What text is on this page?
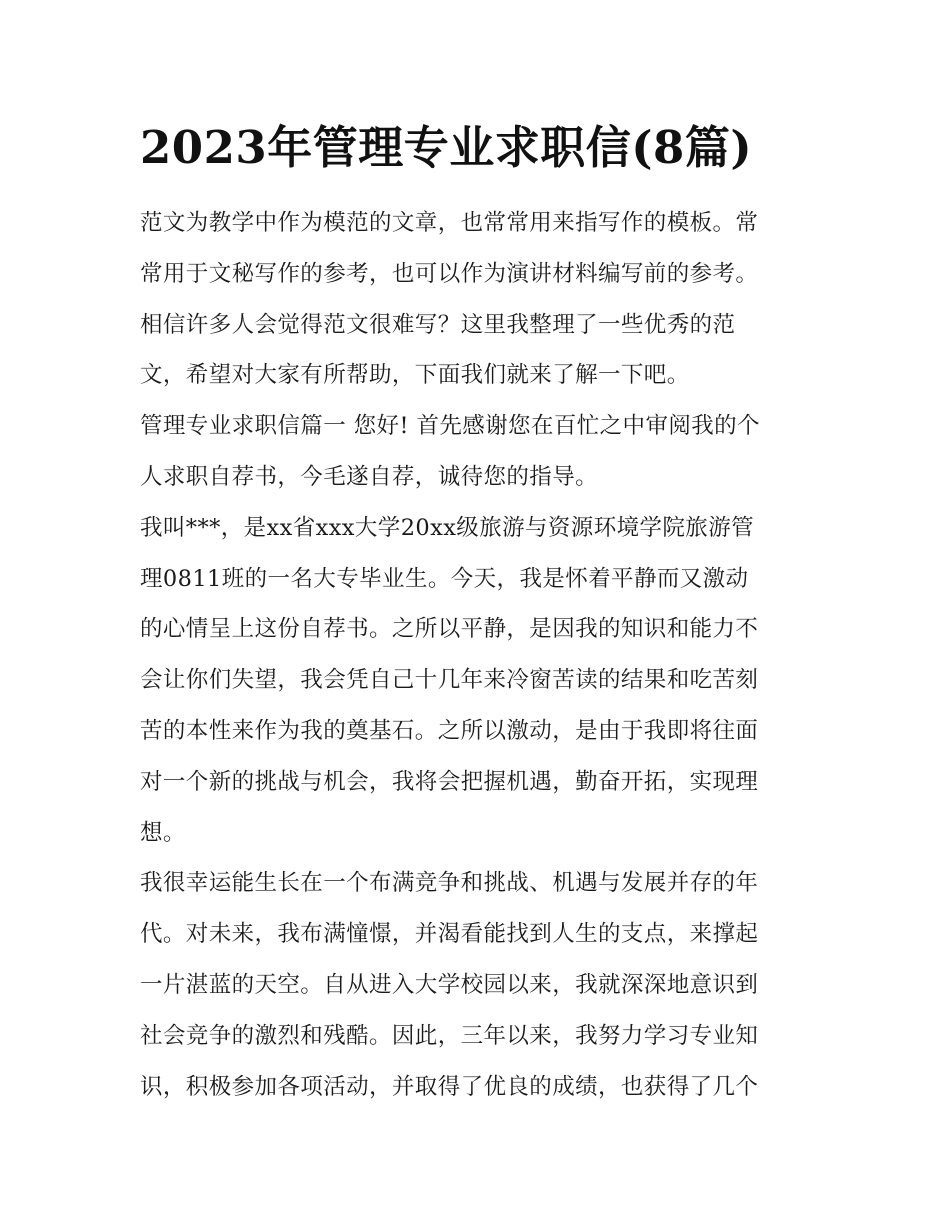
2023年管理专业求职信(8篇)

范文为教学中作为模范的文章，也常常用来指写作的模板。常
常用于文秘写作的参考，也可以作为演讲材料编写前的参考。
相信许多人会觉得范文很难写？这里我整理了一些优秀的范
文，希望对大家有所帮助，下面我们就来了解一下吧。

管理专业求职信篇一 您好! 首先感谢您在百忙之中审阅我的个
人求职自荐书，今毛遂自荐，诚待您的指导。

我叫***，是xx省xxx大学20xx级旅游与资源环境学院旅游管
理0811班的一名大专毕业生。今天，我是怀着平静而又激动
的心情呈上这份自荐书。之所以平静，是因我的知识和能力不
会让你们失望，我会凭自己十几年来冷窗苦读的结果和吃苦刻
苦的本性来作为我的奠基石。之所以激动，是由于我即将往面
对一个新的挑战与机会，我将会把握机遇，勤奋开拓，实现理
想。

我很幸运能生长在一个布满竞争和挑战、机遇与发展并存的年
代。对未来，我布满憧憬，并渴看能找到人生的支点，来撑起
一片湛蓝的天空。自从进入大学校园以来，我就深深地意识到
社会竞争的激烈和残酷。因此，三年以来，我努力学习专业知
识，积极参加各项活动，并取得了优良的成绩，也获得了几个
